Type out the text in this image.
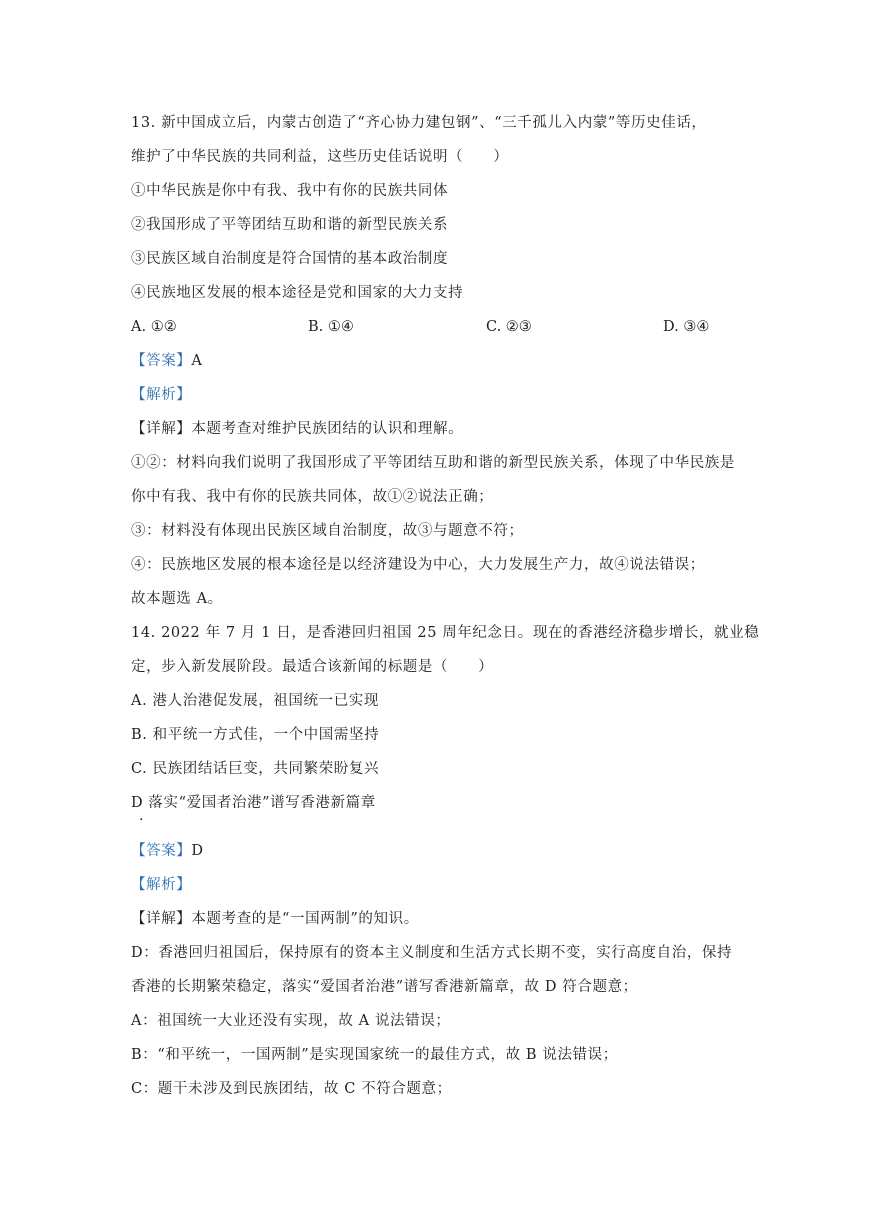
13. 新中国成立后，内蒙古创造了“齐心协力建包钢”、“三千孤儿入内蒙”等历史佳话，
维护了中华民族的共同利益，这些历史佳话说明（　　）
①中华民族是你中有我、我中有你的民族共同体
②我国形成了平等团结互助和谐的新型民族关系
③民族区域自治制度是符合国情的基本政治制度
④民族地区发展的根本途径是党和国家的大力支持
A. ①②	B. ①④	C. ②③	D. ③④
【答案】A
【解析】
【详解】本题考查对维护民族团结的认识和理解。
①②：材料向我们说明了我国形成了平等团结互助和谐的新型民族关系，体现了中华民族是
你中有我、我中有你的民族共同体，故①②说法正确；
③：材料没有体现出民族区域自治制度，故③与题意不符；
④：民族地区发展的根本途径是以经济建设为中心，大力发展生产力，故④说法错误；
故本题选 A。
14. 2022 年 7 月 1 日，是香港回归祖国 25 周年纪念日。现在的香港经济稳步增长，就业稳
定，步入新发展阶段。最适合该新闻的标题是（　　）
A. 港人治港促发展，祖国统一已实现
B. 和平统一方式佳，一个中国需坚持
C. 民族团结话巨变，共同繁荣盼复兴
D 落实“爱国者治港”谱写香港新篇章
.
【答案】D
【解析】
【详解】本题考查的是“一国两制”的知识。
D：香港回归祖国后，保持原有的资本主义制度和生活方式长期不变，实行高度自治，保持
香港的长期繁荣稳定，落实“爱国者治港”谱写香港新篇章，故 D 符合题意；
A：祖国统一大业还没有实现，故 A 说法错误；
B：“和平统一，一国两制”是实现国家统一的最佳方式，故 B 说法错误；
C：题干未涉及到民族团结，故 C 不符合题意；
